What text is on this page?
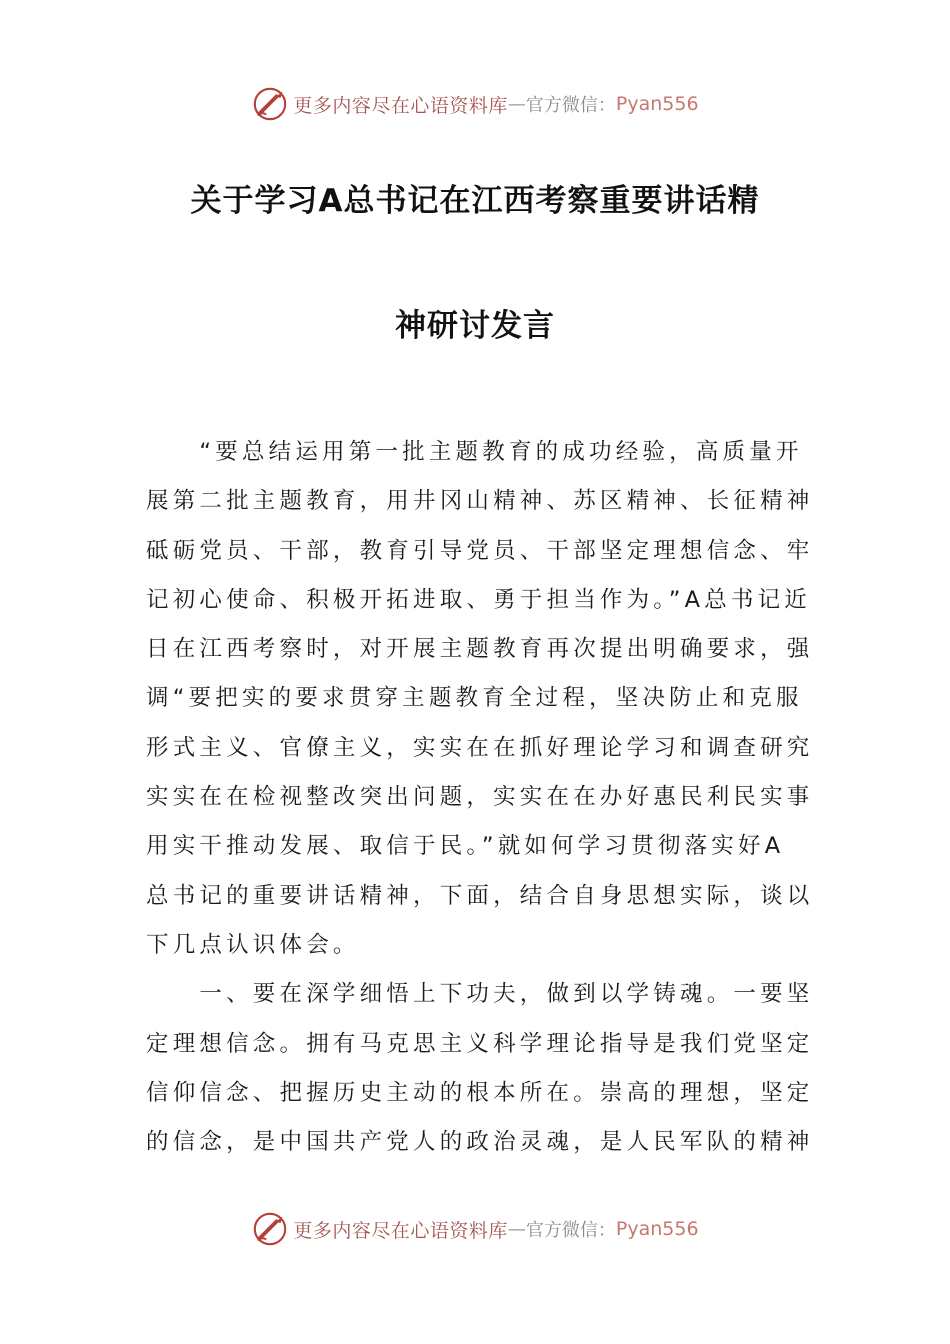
更多内容尽在心语资料库 — 官方微信： Pyan556
关于学习A总书记在江西考察重要讲话精
神研讨发言
　　“要总结运用第一批主题教育的成功经验，高质量开
展第二批主题教育，用井冈山精神、苏区精神、长征精神
砥砺党员、干部，教育引导党员、干部坚定理想信念、牢
记初心使命、积极开拓进取、勇于担当作为。”A总书记近
日在江西考察时，对开展主题教育再次提出明确要求，强
调“要把实的要求贯穿主题教育全过程，坚决防止和克服
形式主义、官僚主义，实实在在抓好理论学习和调查研究
实实在在检视整改突出问题，实实在在办好惠民利民实事
用实干推动发展、取信于民。”就如何学习贯彻落实好A
总书记的重要讲话精神，下面，结合自身思想实际，谈以
下几点认识体会。
　　一、要在深学细悟上下功夫，做到以学铸魂。一要坚
定理想信念。拥有马克思主义科学理论指导是我们党坚定
信仰信念、把握历史主动的根本所在。崇高的理想，坚定
的信念，是中国共产党人的政治灵魂，是人民军队的精神
更多内容尽在心语资料库 — 官方微信： Pyan556
